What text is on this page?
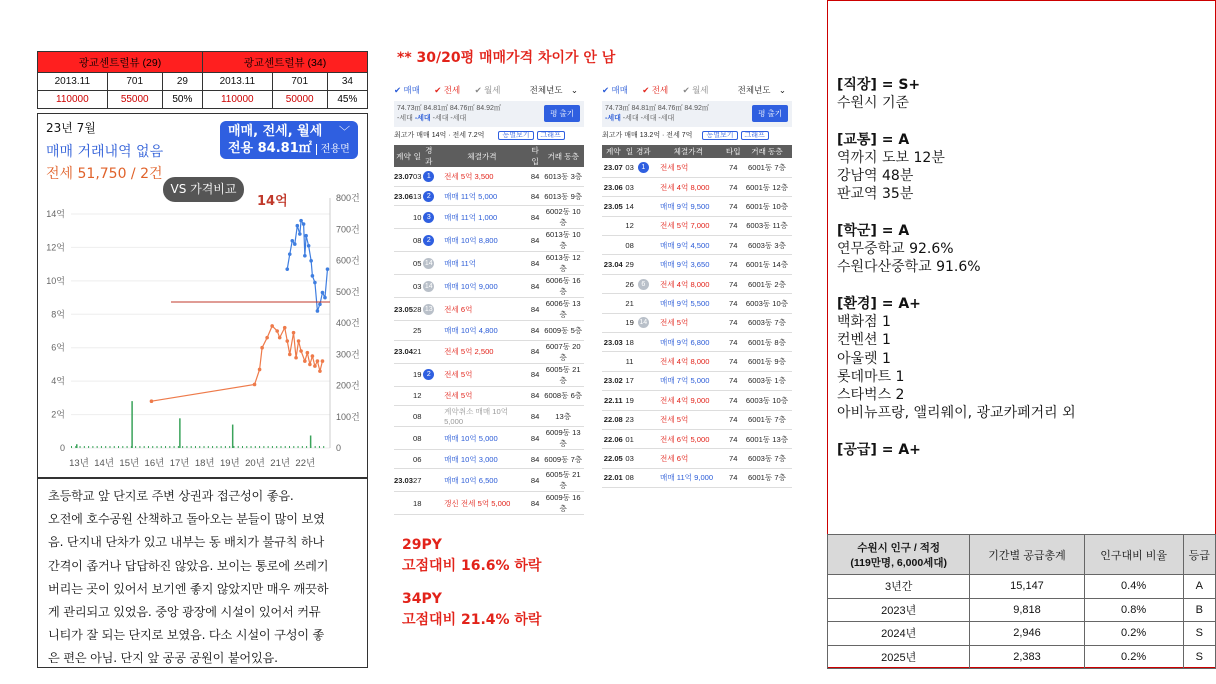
광교센트럴뷰 (29)			광교센트럴뷰 (34)		
2013.11	701	29	2013.11	701	34
110000	55000	50%	110000	50000	45%
23년 7월
매매 거래내역 없음
전세 51,750 / 2건
매매, 전세, 월세
전용 84.81㎡ 전용면적
﹀
VS 가격비교
14억
14억
12억
10억
8억
6억
4억
2억
0
800건
700건
600건
500건
400건
300건
200건
100건
0
13년 14년 15년 16년 17년 18년 19년 20년 21년 22년
초등학교 앞 단지로 주변 상권과 접근성이 좋음.
오전에 호수공원 산책하고 돌아오는 분들이 많이 보였
음. 단지내 단차가 있고 내부는 동 배치가 불규칙 하나
간격이 좁거나 답답하진 않았음. 보이는 통로에 쓰레기
버리는 곳이 있어서 보기엔 좋지 않았지만 매우 깨끗하
게 관리되고 있었음. 중앙 광장에 시설이 있어서 커뮤
니티가 잘 되는 단지로 보였음. 다소 시설이 구성이 좋
은 편은 아님. 단지 앞 공공 공원이 붙어있음.
** 30/20평 매매가격 차이가 안 남
29PY
고점대비 16.6% 하락
34PY
고점대비 21.4% 하락
✔ 매매 ✔ 전세 ✔ 월세	전체년도 ⌄
74.73㎡ 84.81㎡ 84.76㎡ 84.92㎡
-세대 -세대 -세대 -세대
평 출기
최고가 매매 14억 · 전세 7.2억	동별보기 그래프
계약	일	경과	체결가격	타입	거래 동층
23.07	03	1	전세 5억 3,500	84	6013동 3층
23.06	13	2	매매 11억 5,000	84	6013동 9층
	10	3	매매 11억 1,000	84	6002동 10층
	08	2	매매 10억 8,800	84	6013동 10층
	05	14	매매 11억	84	6013동 12층
	03	14	매매 10억 9,000	84	6006동 16층
23.05	28	13	전세 6억	84	6006동 13층
	25		매매 10억 4,800	84	6009동 5층
23.04	21		전세 5억 2,500	84	6007동 20층
	19	2	전세 5억	84	6005동 21층
	12		전세 5억	84	6008동 6층
	08		계약취소 매매 10억 5,000	84	13층
	08		매매 10억 5,000	84	6009동 13층
	06		매매 10억 3,000	84	6009동 7층
23.03	27		매매 10억 6,500	84	6005동 21층
	18		갱신 전세 5억 5,000	84	6009동 16층
✔ 매매 ✔ 전세 ✔ 월세	전체년도 ⌄
74.73㎡ 84.81㎡ 84.76㎡ 84.92㎡
-세대 -세대 -세대 -세대
평 출기
최고가 매매 13.2억 · 전세 7억 동별보기 그래프
계약	일	경과	체결가격	타입	거래 동층
23.07	03	1	전세 5억	74	6001동 7층
23.06	03		전세 4억 8,000	74	6001동 12층
23.05	14		매매 9억 9,500	74	6001동 10층
	12		전세 5억 7,000	74	6003동 11층
	08		매매 9억 4,500	74	6003동 3층
23.04	29		매매 9억 3,650	74	6001동 14층
	26	6	전세 4억 8,000	74	6001동 2층
	21		매매 9억 5,500	74	6003동 10층
	19	14	전세 5억	74	6003동 7층
23.03	18		매매 9억 6,800	74	6001동 8층
	11		전세 4억 8,000	74	6001동 9층
23.02	17		매매 7억 5,000	74	6003동 1층
22.11	19		전세 4억 9,000	74	6003동 10층
22.08	23		전세 5억	74	6001동 7층
22.06	01		전세 6억 5,000	74	6001동 13층
22.05	03		전세 6억	74	6003동 7층
22.01	08		매매 11억 9,000	74	6001동 7층
[직장] = S+
수원시 기준
[교통] = A
역까지 도보 12분
강남역 48분
판교역 35분
[학군] = A
연무중학교 92.6%
수원다산중학교 91.6%
[환경] = A+
백화점 1
컨벤션 1
아울렛 1
롯데마트 1
스타벅스 2
아비뉴프랑, 앨리웨이, 광교카페거리 외
[공급] = A+
수원시 인구 / 적정
(119만명, 6,000세대)	기간별 공급총계	인구대비 비율	등급
3년간	15,147	0.4%	A
2023년	9,818	0.8%	B
2024년	2,946	0.2%	S
2025년	2,383	0.2%	S
